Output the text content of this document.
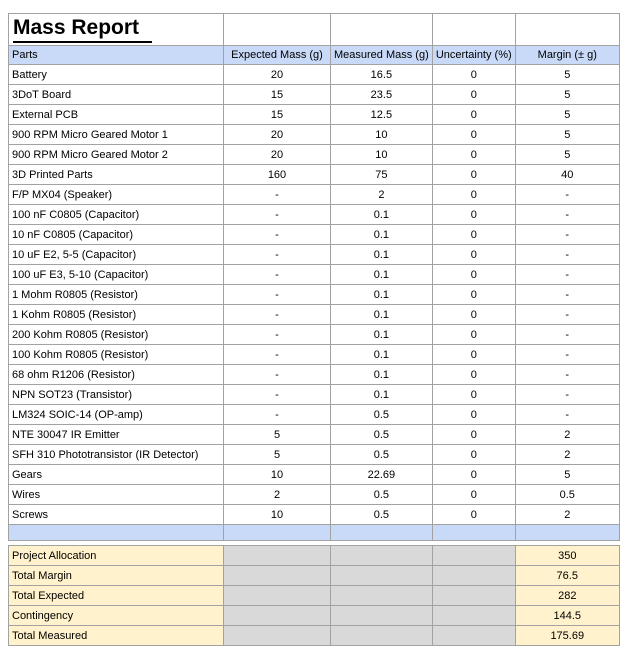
Mass Report				
Parts	Expected Mass (g)	Measured Mass (g)	Uncertainty (%)	Margin (± g)
Battery	20	16.5	0	5
3DoT Board	15	23.5	0	5
External PCB	15	12.5	0	5
900 RPM Micro Geared Motor 1	20	10	0	5
900 RPM Micro Geared Motor 2	20	10	0	5
3D Printed Parts	160	75	0	40
F/P MX04 (Speaker)	-	2	0	-
100 nF C0805 (Capacitor)	-	0.1	0	-
10 nF C0805 (Capacitor)	-	0.1	0	-
10 uF E2, 5-5 (Capacitor)	-	0.1	0	-
100 uF E3, 5-10 (Capacitor)	-	0.1	0	-
1 Mohm R0805 (Resistor)	-	0.1	0	-
1 Kohm R0805 (Resistor)	-	0.1	0	-
200 Kohm R0805 (Resistor)	-	0.1	0	-
100 Kohm R0805 (Resistor)	-	0.1	0	-
68 ohm R1206 (Resistor)	-	0.1	0	-
NPN SOT23 (Transistor)	-	0.1	0	-
LM324 SOIC-14 (OP-amp)	-	0.5	0	-
NTE 30047 IR Emitter	5	0.5	0	2
SFH 310 Phototransistor (IR Detector)	5	0.5	0	2
Gears	10	22.69	0	5
Wires	2	0.5	0	0.5
Screws	10	0.5	0	2

Project Allocation				350
Total Margin				76.5
Total Expected				282
Contingency				144.5
Total Measured				175.69
